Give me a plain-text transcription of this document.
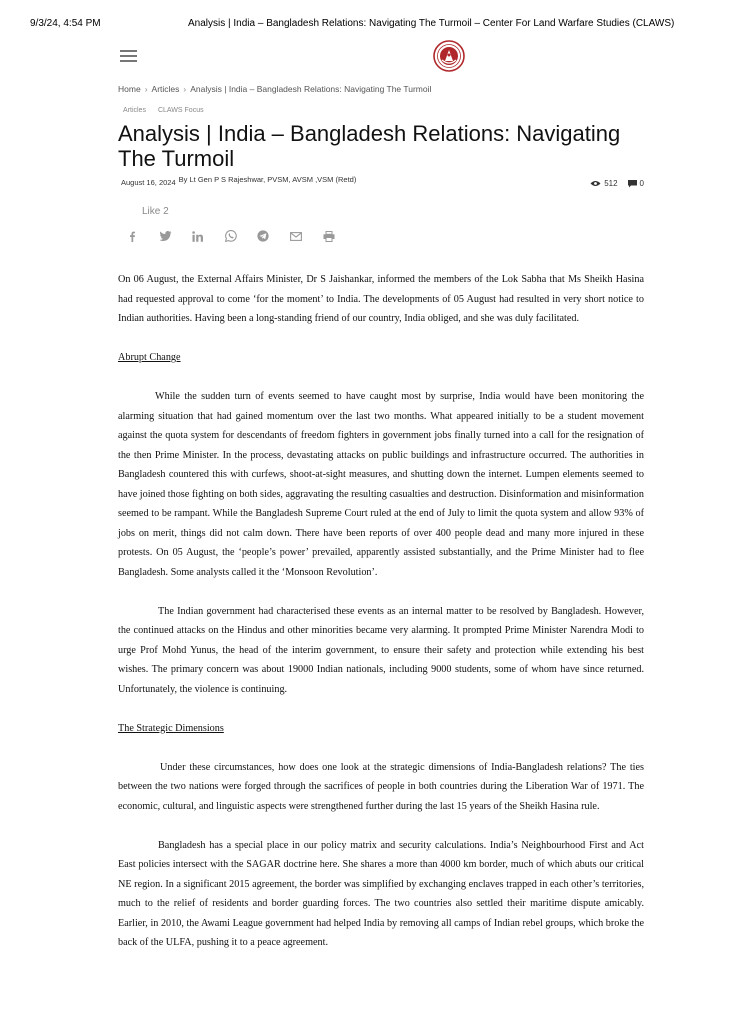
9/3/24, 4:54 PM	Analysis | India – Bangladesh Relations: Navigating The Turmoil – Center For Land Warfare Studies (CLAWS)
Home › Articles › Analysis | India – Bangladesh Relations: Navigating The Turmoil
Articles CLAWS Focus
Analysis | India – Bangladesh Relations: Navigating The Turmoil
August 16, 2024 By Lt Gen P S Rajeshwar, PVSM, AVSM ,VSM (Retd)	512	0
Like 2

On 06 August, the External Affairs Minister, Dr S Jaishankar, informed the members of the Lok Sabha that Ms Sheikh Hasina had requested approval to come ‘for the moment’ to India. The developments of 05 August had resulted in very short notice to Indian authorities. Having been a long-standing friend of our country, India obliged, and she was duly facilitated.

Abrupt Change

While the sudden turn of events seemed to have caught most by surprise, India would have been monitoring the alarming situation that had gained momentum over the last two months. What appeared initially to be a student movement against the quota system for descendants of freedom fighters in government jobs finally turned into a call for the resignation of the then Prime Minister. In the process, devastating attacks on public buildings and infrastructure occurred. The authorities in Bangladesh countered this with curfews, shoot-at-sight measures, and shutting down the internet. Lumpen elements seemed to have joined those fighting on both sides, aggravating the resulting casualties and destruction. Disinformation and misinformation seemed to be rampant. While the Bangladesh Supreme Court ruled at the end of July to limit the quota system and allow 93% of jobs on merit, things did not calm down. There have been reports of over 400 people dead and many more injured in these protests. On 05 August, the ‘people’s power’ prevailed, apparently assisted substantially, and the Prime Minister had to flee Bangladesh. Some analysts called it the ‘Monsoon Revolution’.

The Indian government had characterised these events as an internal matter to be resolved by Bangladesh. However, the continued attacks on the Hindus and other minorities became very alarming. It prompted Prime Minister Narendra Modi to urge Prof Mohd Yunus, the head of the interim government, to ensure their safety and protection while extending his best wishes. The primary concern was about 19000 Indian nationals, including 9000 students, some of whom have since returned. Unfortunately, the violence is continuing.

The Strategic Dimensions

Under these circumstances, how does one look at the strategic dimensions of India-Bangladesh relations? The ties between the two nations were forged through the sacrifices of people in both countries during the Liberation War of 1971. The economic, cultural, and linguistic aspects were strengthened further during the last 15 years of the Sheikh Hasina rule.

Bangladesh has a special place in our policy matrix and security calculations. India’s Neighbourhood First and Act East policies intersect with the SAGAR doctrine here. She shares a more than 4000 km border, much of which abuts our critical NE region. In a significant 2015 agreement, the border was simplified by exchanging enclaves trapped in each other’s territories, much to the relief of residents and border guarding forces. The two countries also settled their maritime dispute amicably. Earlier, in 2010, the Awami League government had helped India by removing all camps of Indian rebel groups, which broke the back of the ULFA, pushing it to a peace agreement.
